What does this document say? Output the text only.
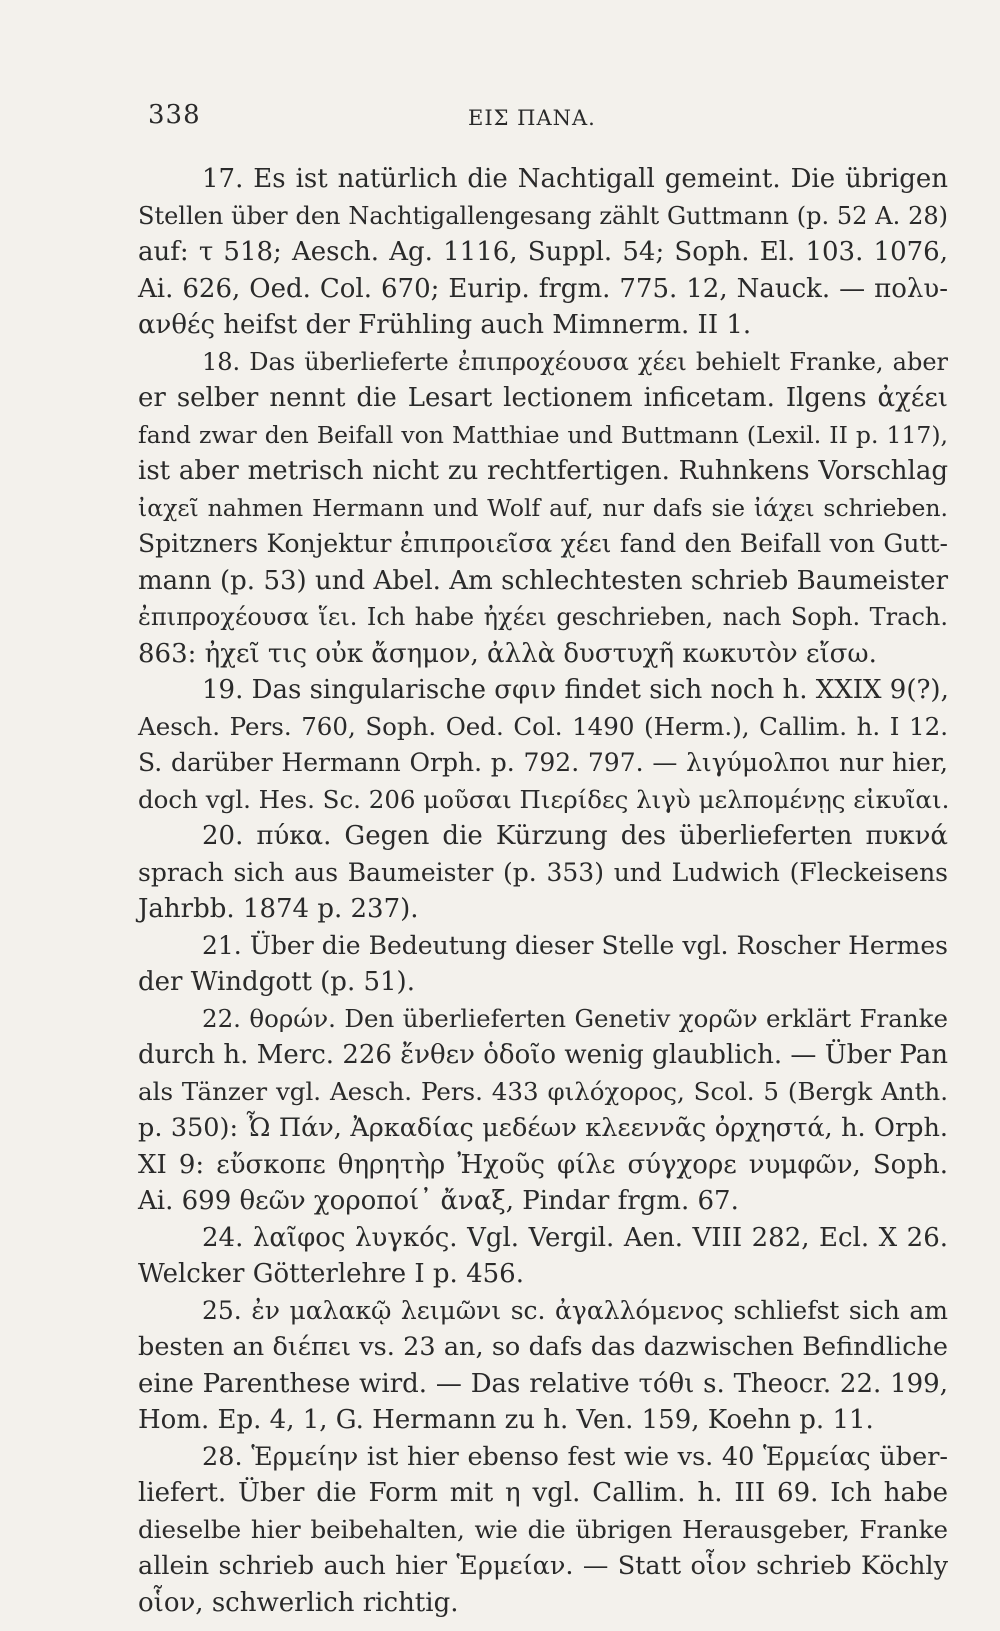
338	ΕΙΣ ΠΑΝΑ.
17. Es ist natürlich die Nachtigall gemeint. Die übrigen
Stellen über den Nachtigallengesang zählt Guttmann (p. 52 A. 28)
auf: τ 518; Aesch. Ag. 1116, Suppl. 54; Soph. El. 103. 1076,
Ai. 626, Oed. Col. 670; Eurip. frgm. 775. 12, Nauck. — πολυ-
ανθές heifst der Frühling auch Mimnerm. II 1.
18. Das überlieferte ἐπιπροχέουσα χέει behielt Franke, aber
er selber nennt die Lesart lectionem inficetam. Ilgens ἀχέει
fand zwar den Beifall von Matthiae und Buttmann (Lexil. II p. 117),
ist aber metrisch nicht zu rechtfertigen. Ruhnkens Vorschlag
ἰαχεῖ nahmen Hermann und Wolf auf, nur dafs sie ἰάχει schrieben.
Spitzners Konjektur ἐπιπροιεῖσα χέει fand den Beifall von Gutt-
mann (p. 53) und Abel. Am schlechtesten schrieb Baumeister
ἐπιπροχέουσα ἵει. Ich habe ἠχέει geschrieben, nach Soph. Trach.
863: ἠχεῖ τις οὐκ ἄσημον, ἀλλὰ δυστυχῆ κωκυτὸν εἴσω.
19. Das singularische σφιν findet sich noch h. XXIX 9(?),
Aesch. Pers. 760, Soph. Oed. Col. 1490 (Herm.), Callim. h. I 12.
S. darüber Hermann Orph. p. 792. 797. — λιγύμολποι nur hier,
doch vgl. Hes. Sc. 206 μοῦσαι Πιερίδες λιγὺ μελπομένῃς εἰκυῖαι.
20. πύκα. Gegen die Kürzung des überlieferten πυκνά
sprach sich aus Baumeister (p. 353) und Ludwich (Fleckeisens
Jahrbb. 1874 p. 237).
21. Über die Bedeutung dieser Stelle vgl. Roscher Hermes
der Windgott (p. 51).
22. θορών. Den überlieferten Genetiv χορῶν erklärt Franke
durch h. Merc. 226 ἔνθεν ὁδοῖο wenig glaublich. — Über Pan
als Tänzer vgl. Aesch. Pers. 433 φιλόχορος, Scol. 5 (Bergk Anth.
p. 350): Ὦ Πάν, Ἀρκαδίας μεδέων κλεεννᾶς ὀρχηστά, h. Orph.
XI 9: εὔσκοπε θηρητὴρ Ἠχοῦς φίλε σύγχορε νυμφῶν, Soph.
Ai. 699 θεῶν χοροποί᾽ ἄναξ, Pindar frgm. 67.
24. λαῖφος λυγκός. Vgl. Vergil. Aen. VIII 282, Ecl. X 26.
Welcker Götterlehre I p. 456.
25. ἐν μαλακῷ λειμῶνι sc. ἀγαλλόμενος schliefst sich am
besten an διέπει vs. 23 an, so dafs das dazwischen Befindliche
eine Parenthese wird. — Das relative τόθι s. Theocr. 22. 199,
Hom. Ep. 4, 1, G. Hermann zu h. Ven. 159, Koehn p. 11.
28. Ἑρμείην ist hier ebenso fest wie vs. 40 Ἑρμείας über-
liefert. Über die Form mit η vgl. Callim. h. III 69. Ich habe
dieselbe hier beibehalten, wie die übrigen Herausgeber, Franke
allein schrieb auch hier Ἑρμείαν. — Statt οἷον schrieb Köchly
οἷον, schwerlich richtig.
